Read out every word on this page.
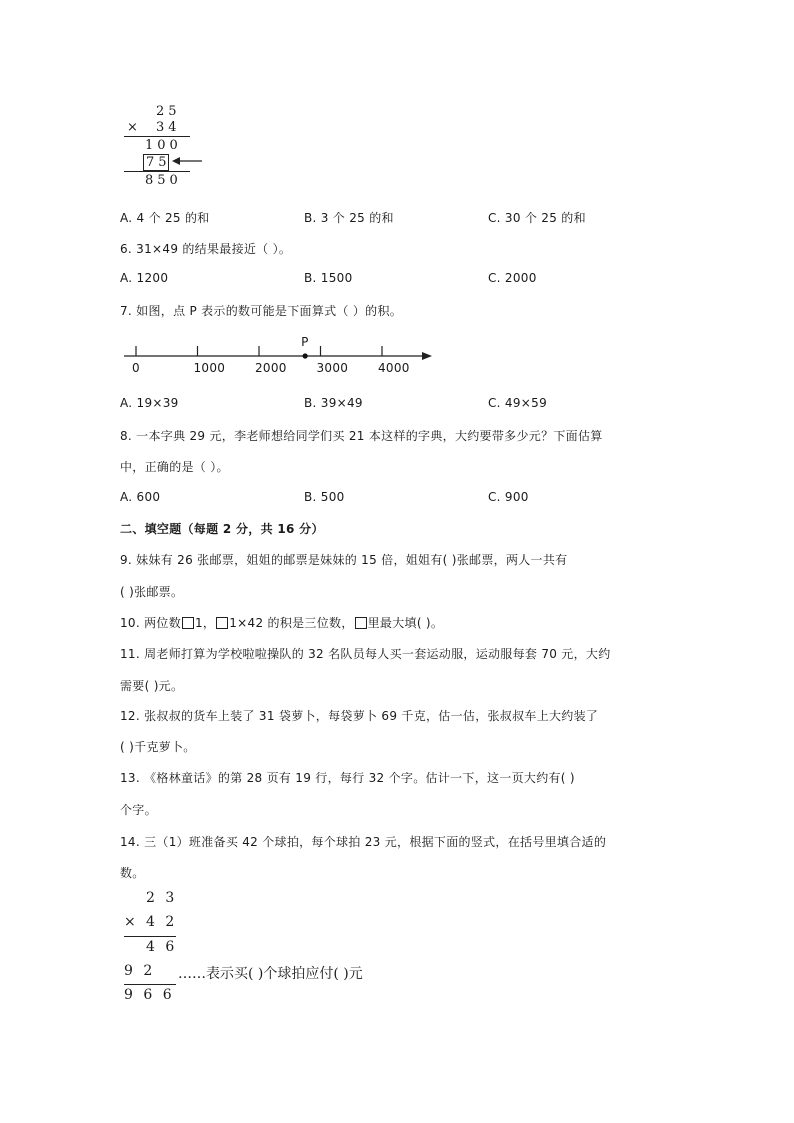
25
× 34
100
75
850
A. 4 个 25 的和	B. 3 个 25 的和	C. 30 个 25 的和
6. 31×49 的结果最接近（ ）。
A. 1200	B. 1500	C. 2000
7. 如图，点 P 表示的数可能是下面算式（ ）的积。
P
0	1000 2000 3000 4000
A. 19×39	B. 39×49	C. 49×59
8. 一本字典 29 元，李老师想给同学们买 21 本这样的字典，大约要带多少元？下面估算
中，正确的是（ ）。
A. 600	B. 500	C. 900
二、填空题（每题 2 分，共 16 分）
9. 妹妹有 26 张邮票，姐姐的邮票是妹妹的 15 倍，姐姐有( )张邮票，两人一共有
( )张邮票。
10. 两位数 1， 1×42 的积是三位数， 里最大填( )。
11. 周老师打算为学校啦啦操队的 32 名队员每人买一套运动服，运动服每套 70 元，大约
需要( )元。
12. 张叔叔的货车上装了 31 袋萝卜，每袋萝卜 69 千克，估一估，张叔叔车上大约装了
( )千克萝卜。
13. 《格林童话》的第 28 页有 19 行，每行 32 个字。估计一下，这一页大约有( )
个字。
14. 三（1）班准备买 42 个球拍，每个球拍 23 元，根据下面的竖式，在括号里填合适的
数。
2 3
× 4 2
4 6
9 2 ……表示买( )个球拍应付( )元
9 6 6
